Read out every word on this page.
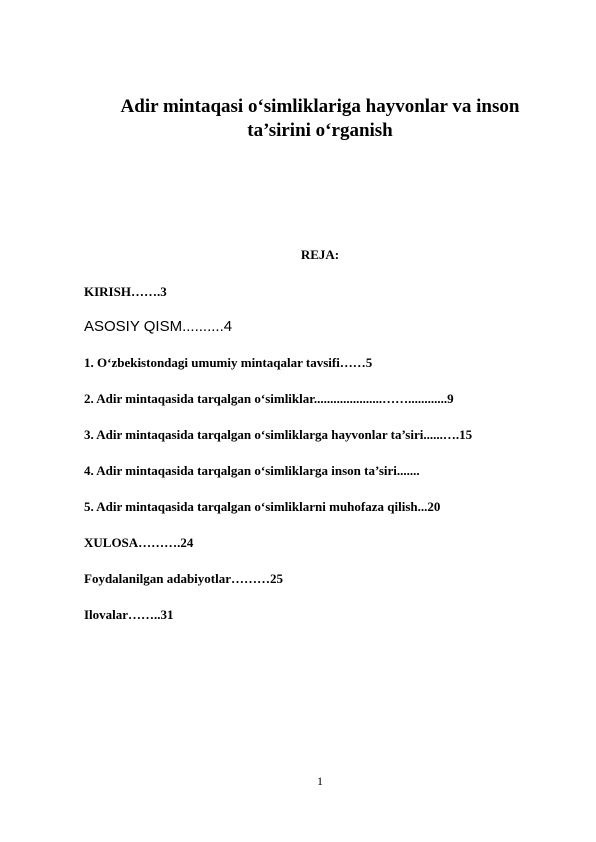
Adir mintaqasi o‘simliklariga hayvonlar va inson
ta’sirini o‘rganish
REJA:
KIRISH…….3
ASOSIY QISM..........4
1. O‘zbekistondagi umumiy mintaqalar tavsifi……5
2. Adir mintaqasida tarqalgan o‘simliklar.....................……............9
3. Adir mintaqasida tarqalgan o‘simliklarga hayvonlar ta’siri......….15
4. Adir mintaqasida tarqalgan o‘simliklarga inson ta’siri.......
5. Adir mintaqasida tarqalgan o‘simliklarni muhofaza qilish...20
XULOSA……….24
Foydalanilgan adabiyotlar………25
Ilovalar……..31
1
